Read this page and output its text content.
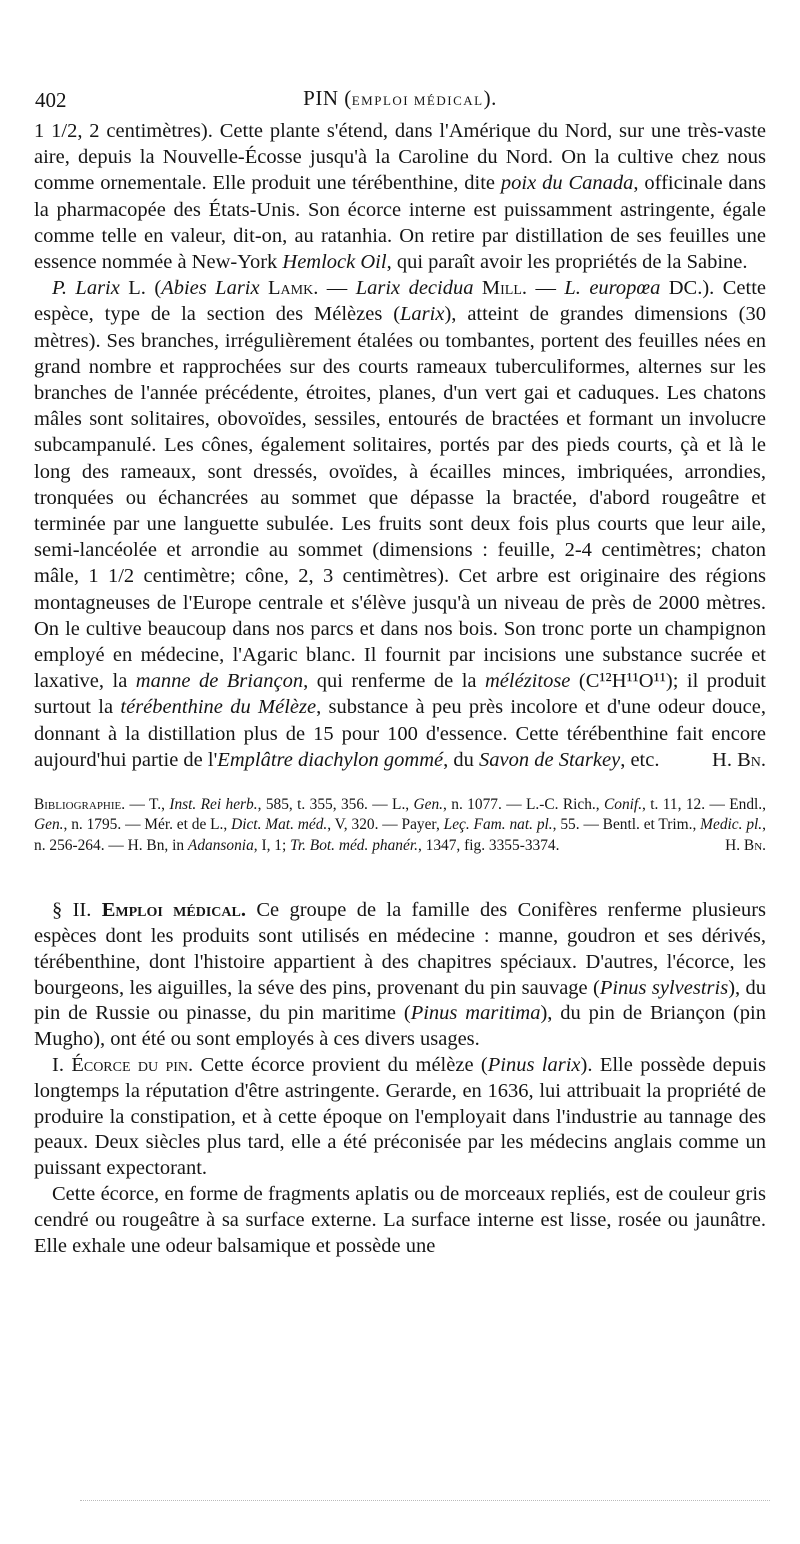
402	PIN (EMPLOI MÉDICAL).

1 1/2, 2 centimètres). Cette plante s'étend, dans l'Amérique du Nord, sur une très-vaste aire, depuis la Nouvelle-Écosse jusqu'à la Caroline du Nord. On la cultive chez nous comme ornementale. Elle produit une térébenthine, dite poix du Canada, officinale dans la pharmacopée des États-Unis. Son écorce interne est puissamment astringente, égale comme telle en valeur, dit-on, au ratanhia. On retire par distillation de ses feuilles une essence nommée à New-York Hemlock Oil, qui paraît avoir les propriétés de la Sabine.

P. Larix L. (Abies Larix Lamk. — Larix decidua Mill. — L. europœa DC.). Cette espèce, type de la section des Mélèzes (Larix), atteint de grandes dimensions (30 mètres). Ses branches, irrégulièrement étalées ou tombantes, portent des feuilles nées en grand nombre et rapprochées sur des courts rameaux tuberculiformes, alternes sur les branches de l'année précédente, étroites, planes, d'un vert gai et caduques. Les chatons mâles sont solitaires, obovoïdes, sessiles, entourés de bractées et formant un involucre subcampanulé. Les cônes, également solitaires, portés par des pieds courts, çà et là le long des rameaux, sont dressés, ovoïdes, à écailles minces, imbriquées, arrondies, tronquées ou échancrées au sommet que dépasse la bractée, d'abord rougeâtre et terminée par une languette subulée. Les fruits sont deux fois plus courts que leur aile, semi-lancéolée et arrondie au sommet (dimensions : feuille, 2-4 centimètres; chaton mâle, 1 1/2 centimètre; cône, 2, 3 centimètres). Cet arbre est originaire des régions montagneuses de l'Europe centrale et s'élève jusqu'à un niveau de près de 2000 mètres. On le cultive beaucoup dans nos parcs et dans nos bois. Son tronc porte un champignon employé en médecine, l'Agaric blanc. Il fournit par incisions une substance sucrée et laxative, la manne de Briançon, qui renferme de la mélézitose (C¹²H¹¹O¹¹); il produit surtout la térébenthine du Mélèze, substance à peu près incolore et d'une odeur douce, donnant à la distillation plus de 15 pour 100 d'essence. Cette térébenthine fait encore aujourd'hui partie de l'Emplâtre diachylon gommé, du Savon de Starkey, etc.	H. Bn.

Bibliographie. — T., Inst. Rei herb., 585, t. 355, 356. — L., Gen., n. 1077. — L.-C. Rich., Conif., t. 11, 12. — Endl., Gen., n. 1795. — Mér. et de L., Dict. Mat. méd., V, 320. — Payer, Leç. Fam. nat. pl., 55. — Bentl. et Trim., Medic. pl., n. 256-264. — H. Bn, in Adansonia, I, 1; Tr. Bot. méd. phanér., 1347, fig. 3355-3374.	H. Bn.

§ II. Emploi médical. Ce groupe de la famille des Conifères renferme plusieurs espèces dont les produits sont utilisés en médecine : manne, goudron et ses dérivés, térébenthine, dont l'histoire appartient à des chapitres spéciaux. D'autres, l'écorce, les bourgeons, les aiguilles, la séve des pins, provenant du pin sauvage (Pinus sylvestris), du pin de Russie ou pinasse, du pin maritime (Pinus maritima), du pin de Briançon (pin Mugho), ont été ou sont employés à ces divers usages.

I. Écorce du pin. Cette écorce provient du mélèze (Pinus larix). Elle possède depuis longtemps la réputation d'être astringente. Gerarde, en 1636, lui attribuait la propriété de produire la constipation, et à cette époque on l'employait dans l'industrie au tannage des peaux. Deux siècles plus tard, elle a été préconisée par les médecins anglais comme un puissant expectorant.

Cette écorce, en forme de fragments aplatis ou de morceaux repliés, est de couleur gris cendré ou rougeâtre à sa surface externe. La surface interne est lisse, rosée ou jaunâtre. Elle exhale une odeur balsamique et possède une
